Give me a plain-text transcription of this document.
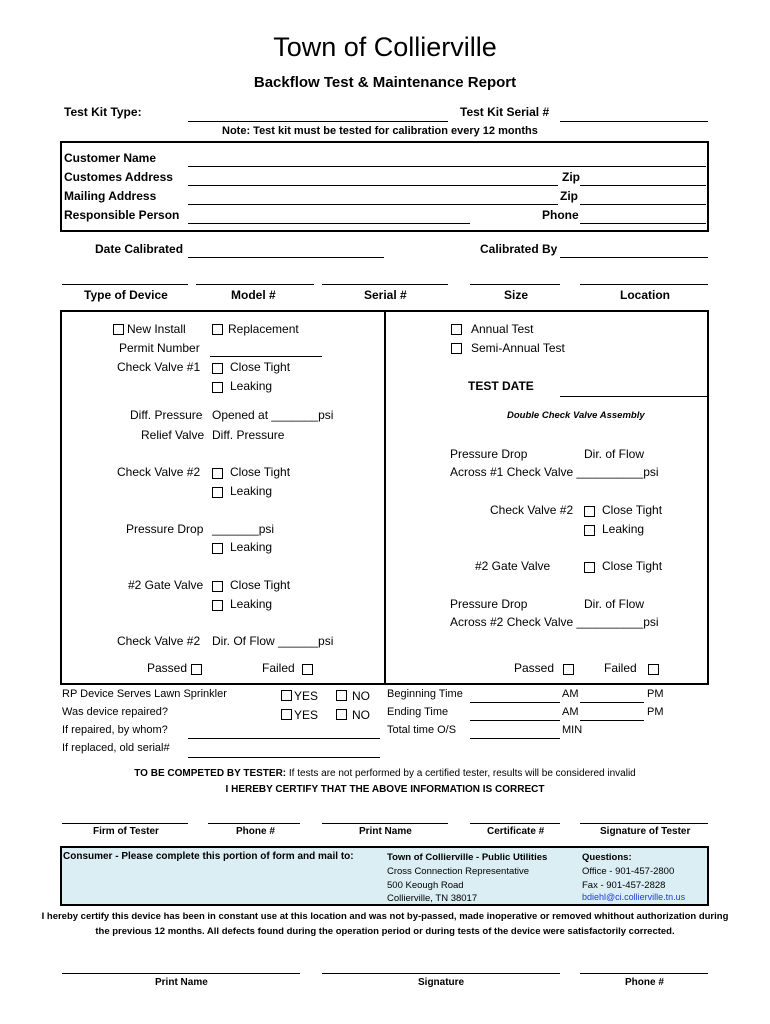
Town of Collierville
Backflow Test & Maintenance Report
Test Kit Type:	Test Kit Serial #
Note: Test kit must be tested for calibration every 12 months
Customer Name
Customes Address	Zip
Mailing Address	Zip
Responsible Person	Phone
Date Calibrated	Calibrated By
Type of Device	Model #	Serial #	Size	Location
New Install	Replacement
Permit Number
Check Valve #1 Close Tight
Leaking
Diff. Pressure Opened at _______psi
Relief Valve Diff. Pressure
Check Valve #2 Close Tight
Leaking
Pressure Drop _______psi
Leaking
#2 Gate Valve Close Tight
Leaking
Check Valve #2 Dir. Of Flow ______psi
Passed	Failed
Annual Test
Semi-Annual Test
TEST DATE
Double Check Valve Assembly
Pressure Drop	Dir. of Flow
Across #1 Check Valve __________psi
Check Valve #2 Close Tight
Leaking
#2 Gate Valve	Close Tight
Pressure Drop	Dir. of Flow
Across #2 Check Valve __________psi
Passed	Failed
RP Device Serves Lawn Sprinkler	YES	NO
Was device repaired?	YES	NO
If repaired, by whom?
If replaced, old serial#
Beginning Time	AM	PM
Ending Time	AM	PM
Total time O/S	MIN
TO BE COMPETED BY TESTER: If tests are not performed by a certified tester, results will be considered invalid
I HEREBY CERTIFY THAT THE ABOVE INFORMATION IS CORRECT
Firm of Tester	Phone #	Print Name	Certificate #	Signature of Tester
Consumer - Please complete this portion of form and mail to:	Town of Collierville - Public Utilities
Cross Connection Representative
500 Keough Road
Collierville, TN 38017
Questions:
Office - 901-457-2800
Fax - 901-457-2828
bdiehl@ci.collierville.tn.us
I hereby certify this device has been in constant use at this location and was not by-passed, made inoperative or removed whithout authorization during
the previous 12 months. All defects found during the operation period or during tests of the device were satisfactorily corrected.
Print Name	Signature	Phone #
